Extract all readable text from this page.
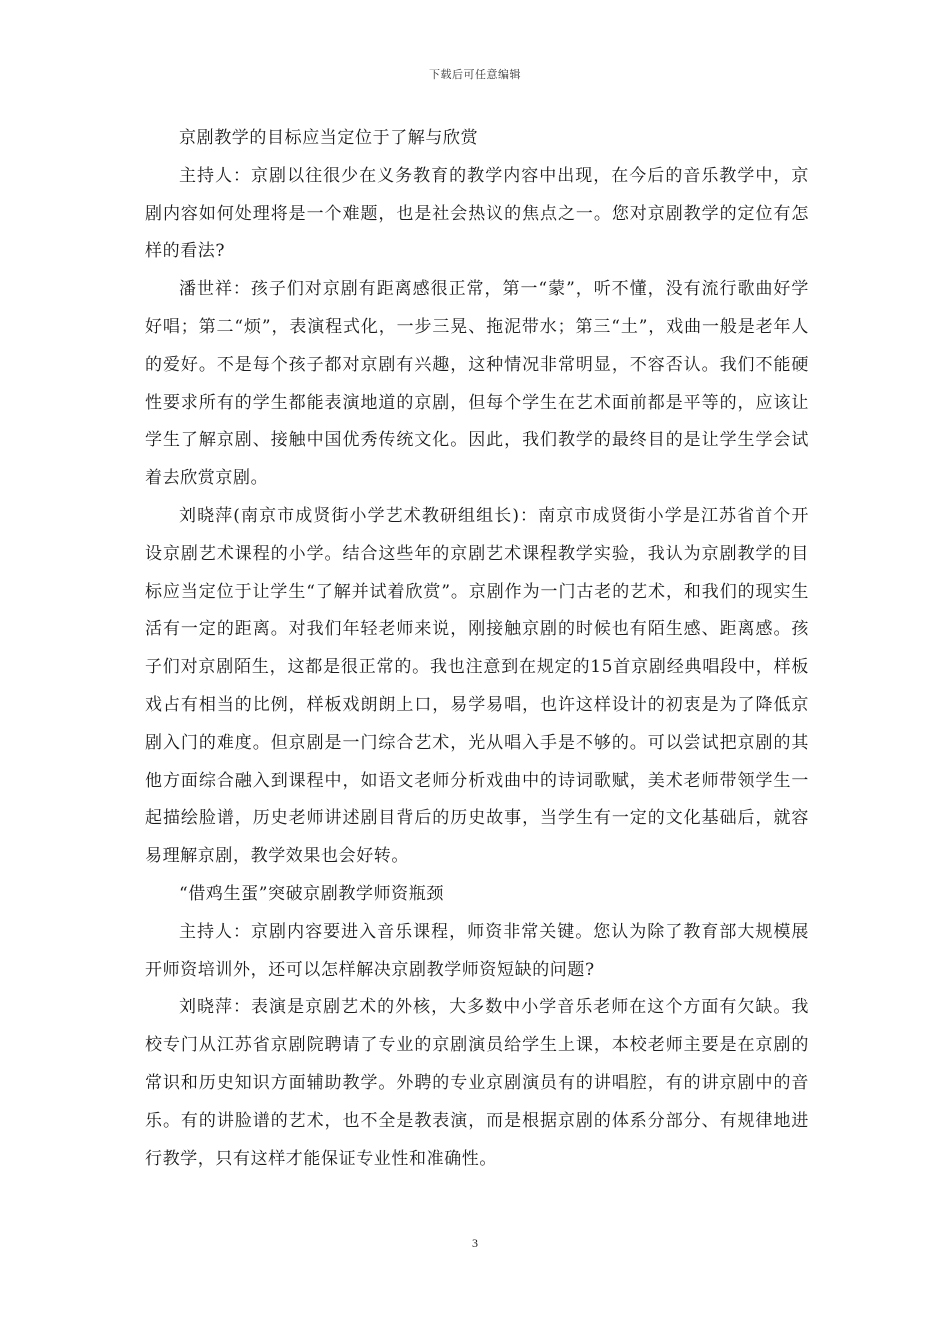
下载后可任意编辑

京剧教学的目标应当定位于了解与欣赏

主持人：京剧以往很少在义务教育的教学内容中出现，在今后的音乐教学中，京剧内容如何处理将是一个难题，也是社会热议的焦点之一。您对京剧教学的定位有怎样的看法?

潘世祥：孩子们对京剧有距离感很正常，第一“蒙”，听不懂，没有流行歌曲好学好唱；第二“烦”，表演程式化，一步三晃、拖泥带水；第三“土”，戏曲一般是老年人的爱好。不是每个孩子都对京剧有兴趣，这种情况非常明显，不容否认。我们不能硬性要求所有的学生都能表演地道的京剧，但每个学生在艺术面前都是平等的，应该让学生了解京剧、接触中国优秀传统文化。因此，我们教学的最终目的是让学生学会试着去欣赏京剧。

刘晓萍(南京市成贤街小学艺术教研组组长)：南京市成贤街小学是江苏省首个开设京剧艺术课程的小学。结合这些年的京剧艺术课程教学实验，我认为京剧教学的目标应当定位于让学生“了解并试着欣赏”。京剧作为一门古老的艺术，和我们的现实生活有一定的距离。对我们年轻老师来说，刚接触京剧的时候也有陌生感、距离感。孩子们对京剧陌生，这都是很正常的。我也注意到在规定的15首京剧经典唱段中，样板戏占有相当的比例，样板戏朗朗上口，易学易唱，也许这样设计的初衷是为了降低京剧入门的难度。但京剧是一门综合艺术，光从唱入手是不够的。可以尝试把京剧的其他方面综合融入到课程中，如语文老师分析戏曲中的诗词歌赋，美术老师带领学生一起描绘脸谱，历史老师讲述剧目背后的历史故事，当学生有一定的文化基础后，就容易理解京剧，教学效果也会好转。

“借鸡生蛋”突破京剧教学师资瓶颈

主持人：京剧内容要进入音乐课程，师资非常关键。您认为除了教育部大规模展开师资培训外，还可以怎样解决京剧教学师资短缺的问题?

刘晓萍：表演是京剧艺术的外核，大多数中小学音乐老师在这个方面有欠缺。我校专门从江苏省京剧院聘请了专业的京剧演员给学生上课，本校老师主要是在京剧的常识和历史知识方面辅助教学。外聘的专业京剧演员有的讲唱腔，有的讲京剧中的音乐。有的讲脸谱的艺术，也不全是教表演，而是根据京剧的体系分部分、有规律地进行教学，只有这样才能保证专业性和准确性。

3
